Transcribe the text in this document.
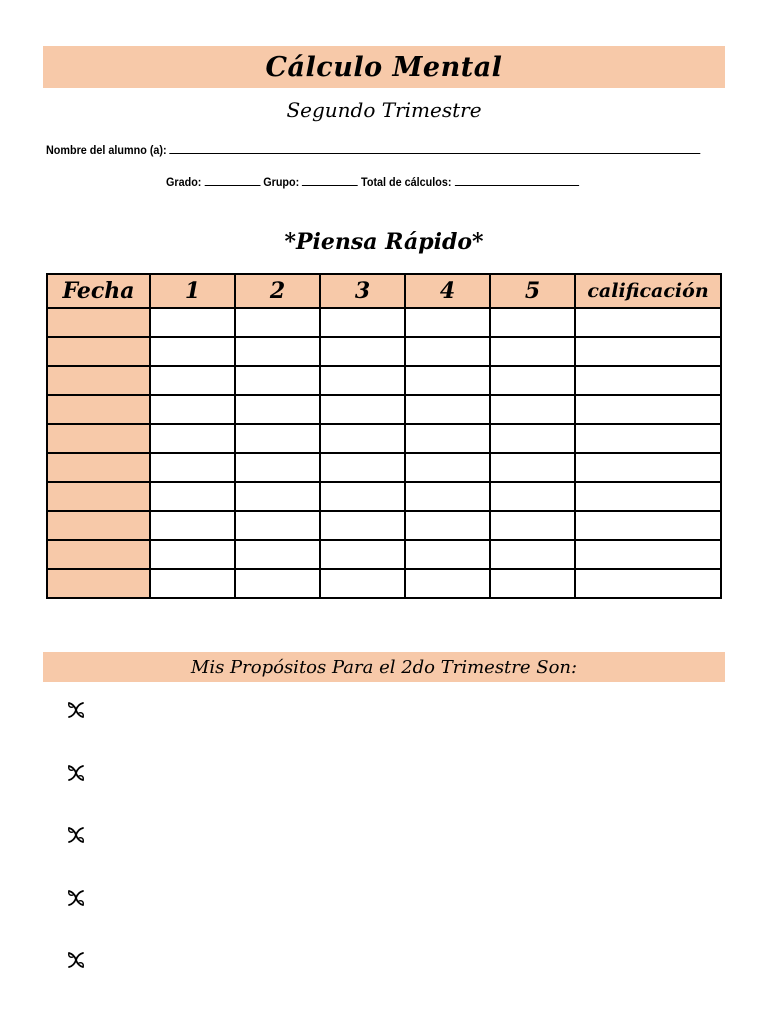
Cálculo Mental
Segundo Trimestre
Nombre del alumno (a):
Grado:	Grupo:	Total de cálculos:
*Piensa Rápido*
Fecha	1	2	3	4	5	calificación

Mis Propósitos Para el 2do Trimestre Son:
